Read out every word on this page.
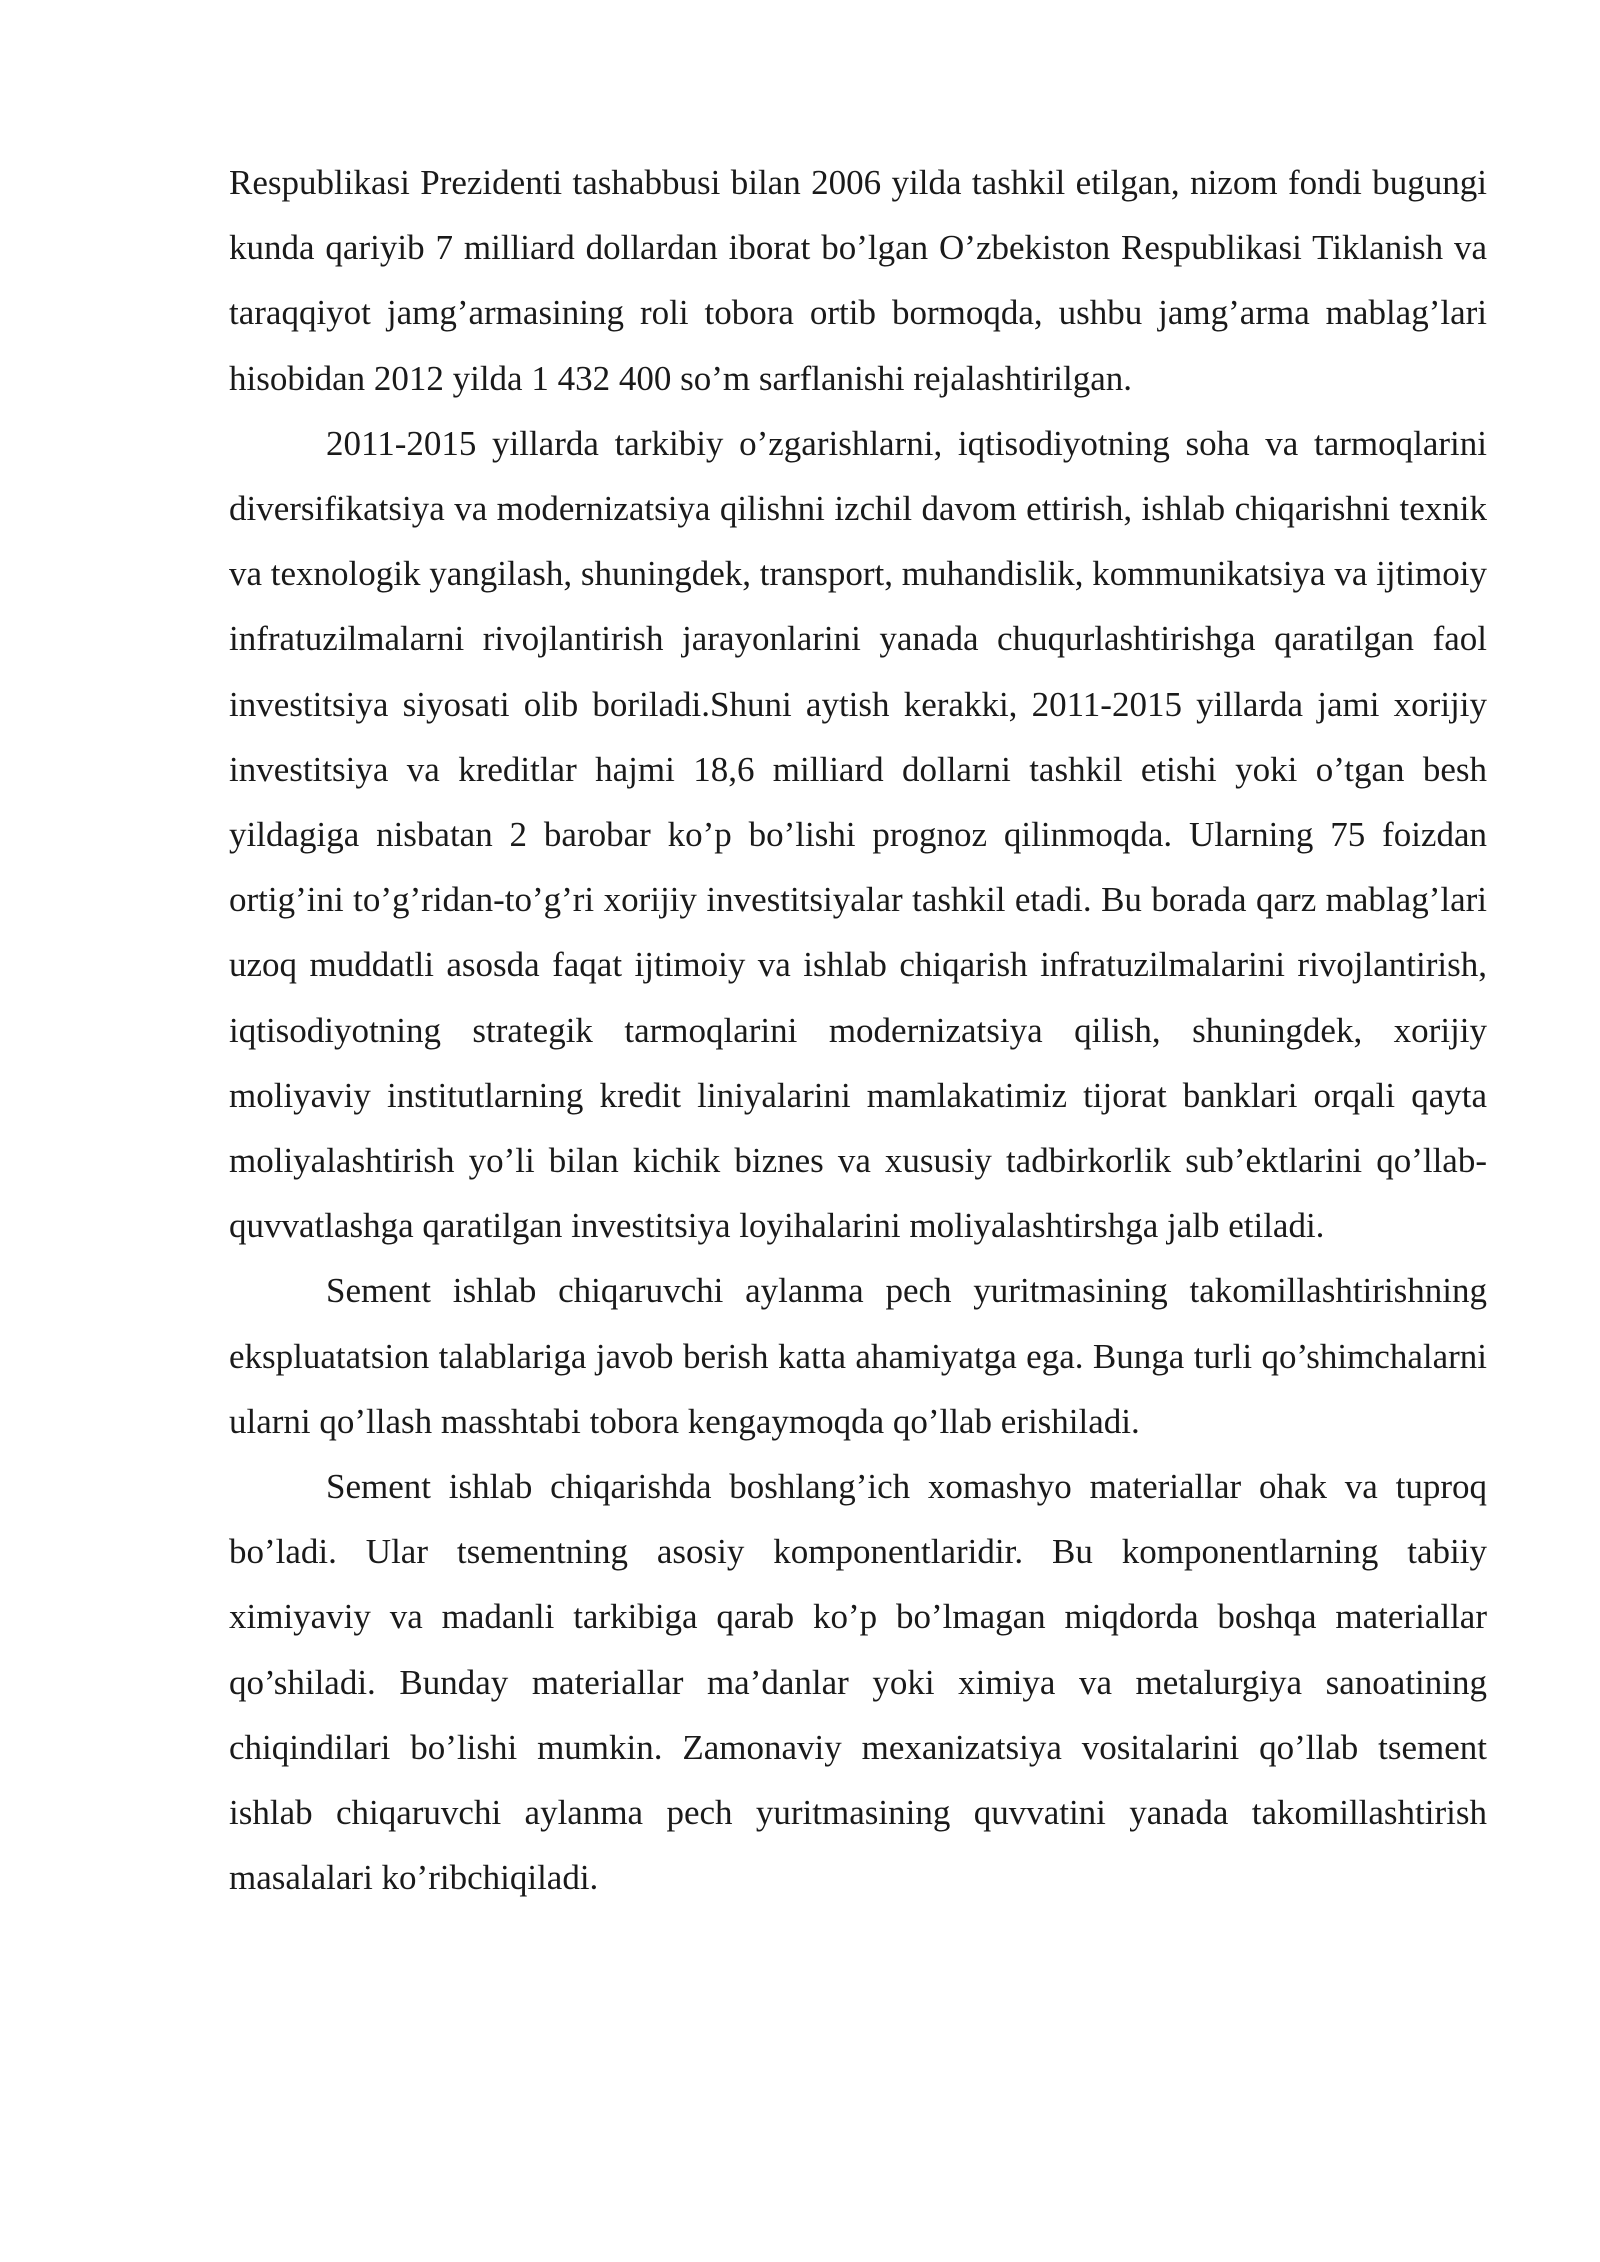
Respublikasi Prezidenti tashabbusi bilan 2006 yilda tashkil etilgan, nizom fondi bugungi kunda qariyib 7 milliard dollardan iborat bo’lgan O’zbekiston Respublikasi Tiklanish va taraqqiyot jamg’armasining roli tobora ortib bormoqda, ushbu jamg’arma mablag’lari hisobidan 2012 yilda 1 432 400 so’m sarflanishi rejalashtirilgan.

2011-2015 yillarda tarkibiy o’zgarishlarni, iqtisodiyotning soha va tarmoqlarini diversifikatsiya va modernizatsiya qilishni izchil davom ettirish, ishlab chiqarishni texnik va texnologik yangilash, shuningdek, transport, muhandislik, kommunikatsiya va ijtimoiy infratuzilmalarni rivojlantirish jarayonlarini yanada chuqurlashtirishga qaratilgan faol investitsiya siyosati olib boriladi.Shuni aytish kerakki, 2011-2015 yillarda jami xorijiy investitsiya va kreditlar hajmi 18,6 milliard dollarni tashkil etishi yoki o’tgan besh yildagiga nisbatan 2 barobar ko’p bo’lishi prognoz qilinmoqda. Ularning 75 foizdan ortig’ini to’g’ridan-to’g’ri xorijiy investitsiyalar tashkil etadi. Bu borada qarz mablag’lari uzoq muddatli asosda faqat ijtimoiy va ishlab chiqarish infratuzilmalarini rivojlantirish, iqtisodiyotning strategik tarmoqlarini modernizatsiya qilish, shuningdek, xorijiy moliyaviy institutlarning kredit liniyalarini mamlakatimiz tijorat banklari orqali qayta moliyalashtirish yo’li bilan kichik biznes va xususiy tadbirkorlik sub’ektlarini qo’llab-quvvatlashga qaratilgan investitsiya loyihalarini moliyalashtirshga jalb etiladi.

Sement ishlab chiqaruvchi aylanma pech yuritmasining takomillashtirishning ekspluatatsion talablariga javob berish katta ahamiyatga ega. Bunga turli qo’shimchalarni ularni qo’llash masshtabi tobora kengaymoqda qo’llab erishiladi.

Sement ishlab chiqarishda boshlang’ich xomashyo materiallar ohak va tuproq bo’ladi. Ular tsementning asosiy komponentlaridir. Bu komponentlarning tabiiy ximiyaviy va madanli tarkibiga qarab ko’p bo’lmagan miqdorda boshqa materiallar qo’shiladi. Bunday materiallar ma’danlar yoki ximiya va metalurgiya sanoatining chiqindilari bo’lishi mumkin. Zamonaviy mexanizatsiya vositalarini qo’llab tsement ishlab chiqaruvchi aylanma pech yuritmasining quvvatini yanada takomillashtirish masalalari ko’ribchiqiladi.
